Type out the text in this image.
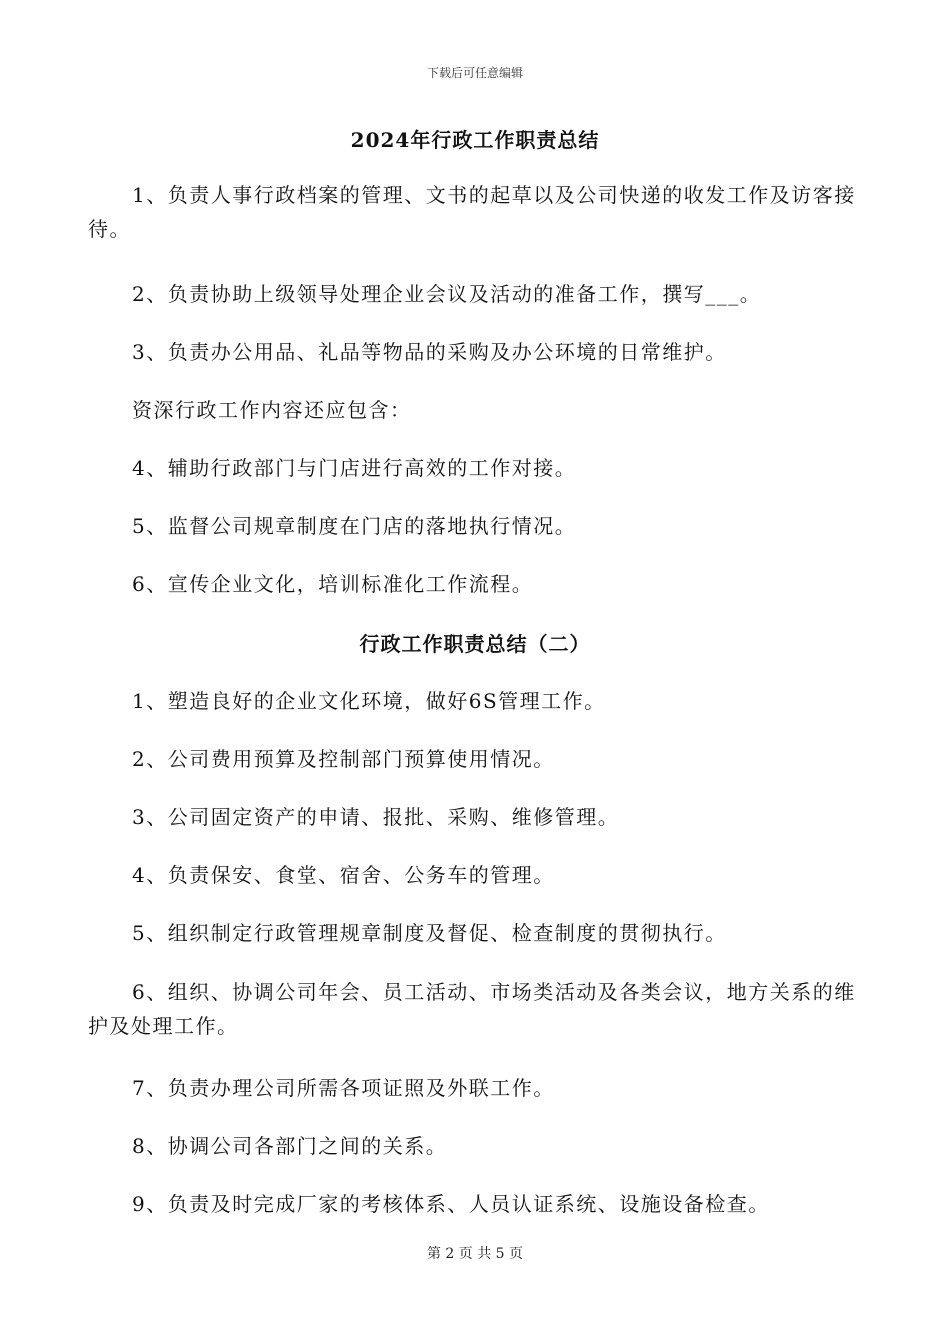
下载后可任意编辑
2024年行政工作职责总结
1、负责人事行政档案的管理、文书的起草以及公司快递的收发工作及访客接待。
2、负责协助上级领导处理企业会议及活动的准备工作，撰写___。
3、负责办公用品、礼品等物品的采购及办公环境的日常维护。
资深行政工作内容还应包含：
4、辅助行政部门与门店进行高效的工作对接。
5、监督公司规章制度在门店的落地执行情况。
6、宣传企业文化，培训标准化工作流程。
行政工作职责总结（二）
1、塑造良好的企业文化环境，做好6S管理工作。
2、公司费用预算及控制部门预算使用情况。
3、公司固定资产的申请、报批、采购、维修管理。
4、负责保安、食堂、宿舍、公务车的管理。
5、组织制定行政管理规章制度及督促、检查制度的贯彻执行。
6、组织、协调公司年会、员工活动、市场类活动及各类会议，地方关系的维护及处理工作。
7、负责办理公司所需各项证照及外联工作。
8、协调公司各部门之间的关系。
9、负责及时完成厂家的考核体系、人员认证系统、设施设备检查。
第 2 页 共 5 页
